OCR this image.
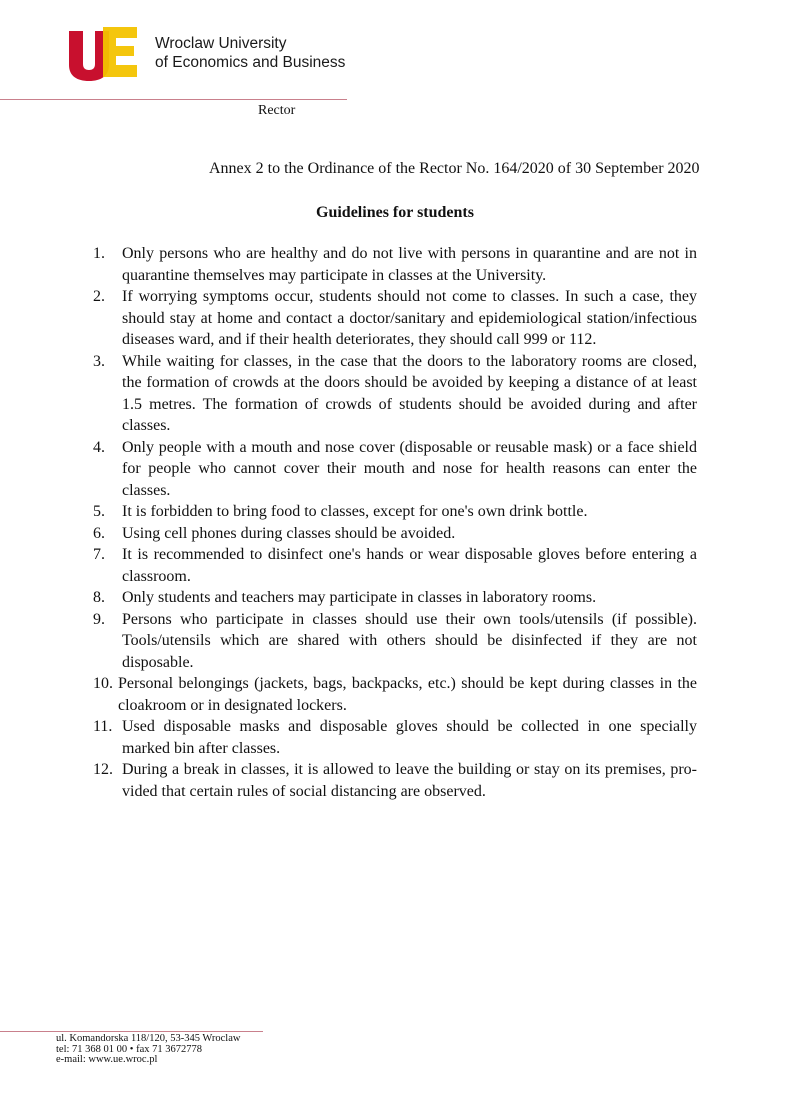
Wroclaw University
of Economics and Business
Rector
Annex 2 to the Ordinance of the Rector No. 164/2020 of 30 September 2020
Guidelines for students
1. Only persons who are healthy and do not live with persons in quarantine and are not in quarantine themselves may participate in classes at the University.
2. If worrying symptoms occur, students should not come to classes. In such a case, they should stay at home and contact a doctor/sanitary and epidemiological station/infectious diseases ward, and if their health deteriorates, they should call 999 or 112.
3. While waiting for classes, in the case that the doors to the laboratory rooms are closed, the formation of crowds at the doors should be avoided by keeping a distance of at least 1.5 metres. The formation of crowds of students should be avoided during and after classes.
4. Only people with a mouth and nose cover (disposable or reusable mask) or a face shield for people who cannot cover their mouth and nose for health reasons can enter the classes.
5. It is forbidden to bring food to classes, except for one's own drink bottle.
6. Using cell phones during classes should be avoided.
7. It is recommended to disinfect one's hands or wear disposable gloves before entering a classroom.
8. Only students and teachers may participate in classes in laboratory rooms.
9. Persons who participate in classes should use their own tools/utensils (if possible). Tools/utensils which are shared with others should be disinfected if they are not disposable.
10. Personal belongings (jackets, bags, backpacks, etc.) should be kept during classes in the cloakroom or in designated lockers.
11. Used disposable masks and disposable gloves should be collected in one specially marked bin after classes.
12. During a break in classes, it is allowed to leave the building or stay on its premises, pro-vided that certain rules of social distancing are observed.
ul. Komandorska 118/120, 53-345 Wroclaw
tel: 71 368 01 00 • fax 71 3672778
e-mail: www.ue.wroc.pl
